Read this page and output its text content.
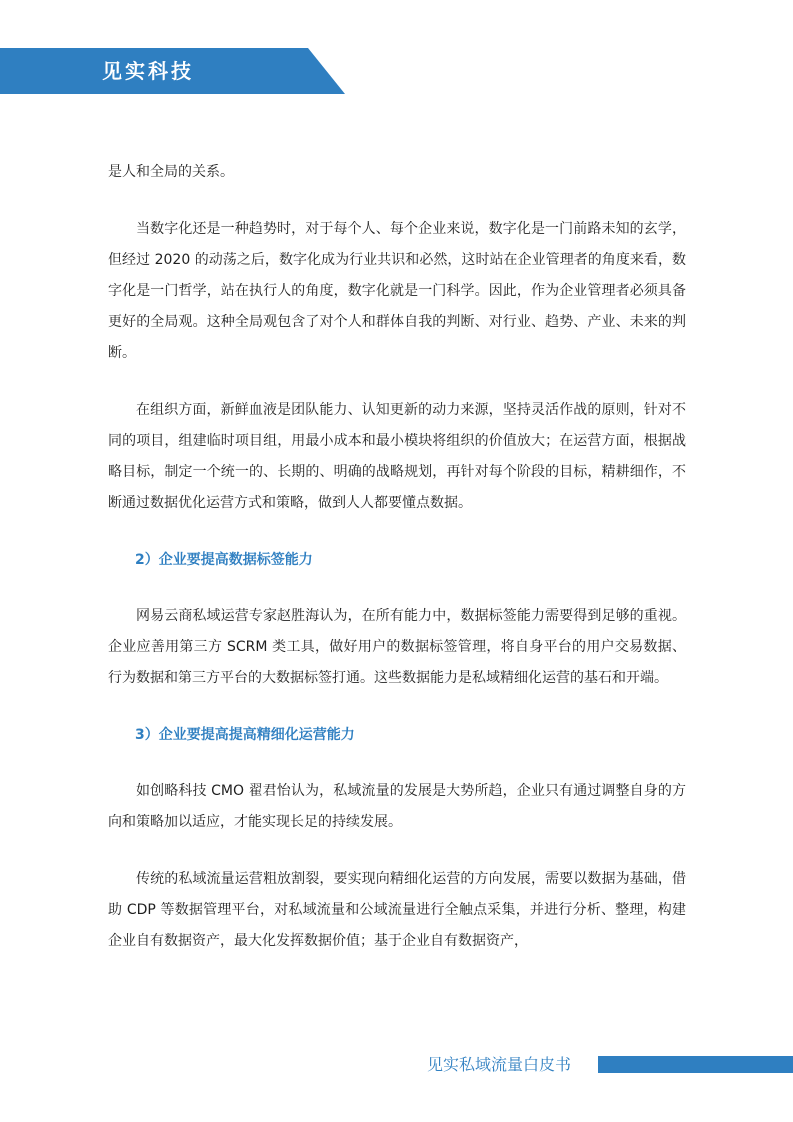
见实科技

是人和全局的关系。

当数字化还是一种趋势时，对于每个人、每个企业来说，数字化是一门前路未知的玄学，但经过 2020 的动荡之后，数字化成为行业共识和必然，这时站在企业管理者的角度来看，数字化是一门哲学，站在执行人的角度，数字化就是一门科学。因此，作为企业管理者必须具备更好的全局观。这种全局观包含了对个人和群体自我的判断、对行业、趋势、产业、未来的判断。

在组织方面，新鲜血液是团队能力、认知更新的动力来源，坚持灵活作战的原则，针对不同的项目，组建临时项目组，用最小成本和最小模块将组织的价值放大；在运营方面，根据战略目标，制定一个统一的、长期的、明确的战略规划，再针对每个阶段的目标，精耕细作，不断通过数据优化运营方式和策略，做到人人都要懂点数据。

2）企业要提高数据标签能力

网易云商私域运营专家赵胜海认为，在所有能力中，数据标签能力需要得到足够的重视。企业应善用第三方 SCRM 类工具，做好用户的数据标签管理，将自身平台的用户交易数据、行为数据和第三方平台的大数据标签打通。这些数据能力是私域精细化运营的基石和开端。

3）企业要提高提高精细化运营能力

如创略科技 CMO 翟君怡认为，私域流量的发展是大势所趋，企业只有通过调整自身的方向和策略加以适应，才能实现长足的持续发展。

传统的私域流量运营粗放割裂，要实现向精细化运营的方向发展，需要以数据为基础，借助 CDP 等数据管理平台，对私域流量和公域流量进行全触点采集，并进行分析、整理，构建企业自有数据资产，最大化发挥数据价值；基于企业自有数据资产，

见实私域流量白皮书
